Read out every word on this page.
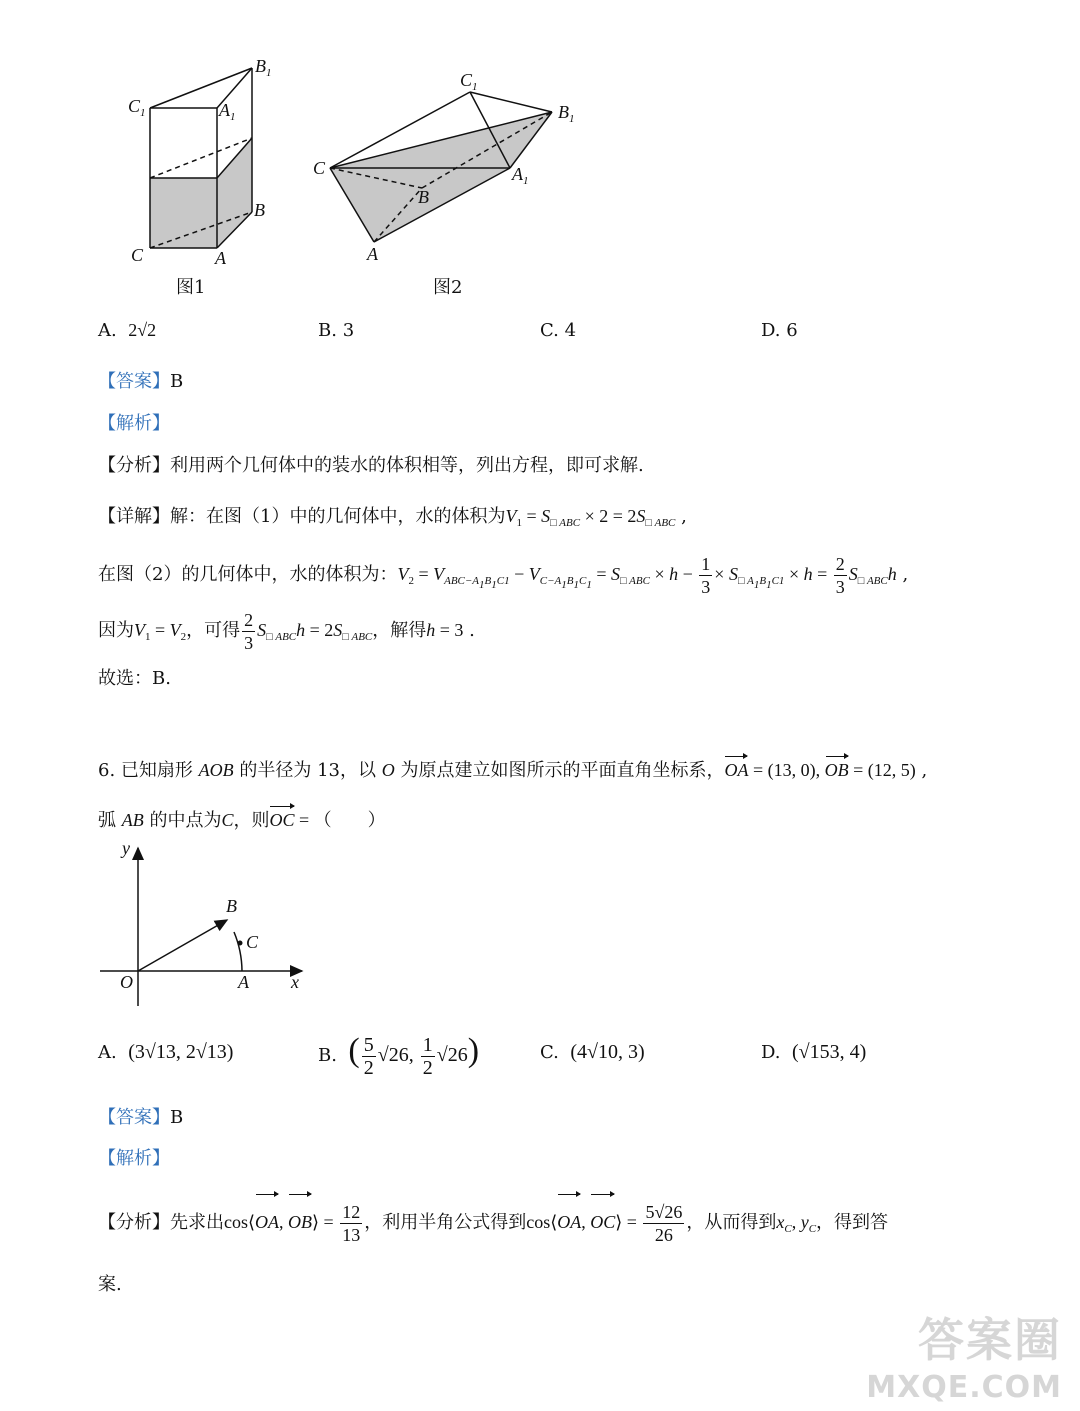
$C_1$	$A_1$
$B_1$
B
C	A
图1
$C_1$
$B_1$
C	$A_1$
B
A
图2
A. 2√2	B. 3	C. 4	D. 6
【答案】B
【解析】
【分析】利用两个几何体中的装水的体积相等，列出方程，即可求解.
【详解】解：在图（1）中的几何体中，水的体积为$V_1 = S_{□ ABC} \times 2 = 2S_{□ ABC}$ ,
在图（2）的几何体中，水的体积为：$V_2 = V_{ABC-A_1B_1C1} - V_{C-A_1B_1C_1} = S_{□ ABC} \times h - \frac{1}{3} \times S_{□ A_1B_1C1} \times h = \frac{2}{3} S_{□ ABC}h$ ,
因为$V_1 = V_2$，可得 $\frac{2}{3} S_{□ ABC}h = 2S_{□ ABC}$，解得h = 3 .
故选：B.
6. 已知扇形 AOB 的半径为 13，以 O 为原点建立如图所示的平面直角坐标系，OA = (13, 0), OB = (12, 5) ,
弧 AB 的中点为C，则OC = （　　）
y
x
O	A
B
C
A. (3√13, 2√13)	B. ( $\frac{5}{2} √26$, $\frac{1}{2} √26$)	C. (4√10, 3)	D. (√153, 4)
【答案】B
【解析】
【分析】先求出cos⟨OA, OB⟩ = $\frac{12}{13}$ ，利用半角公式得到cos⟨OA, OC⟩ = $\frac{5√26}{26}$ ，从而得到$x_C$, $y_C$，得到答
案.
答案圈
MXQE.COM
